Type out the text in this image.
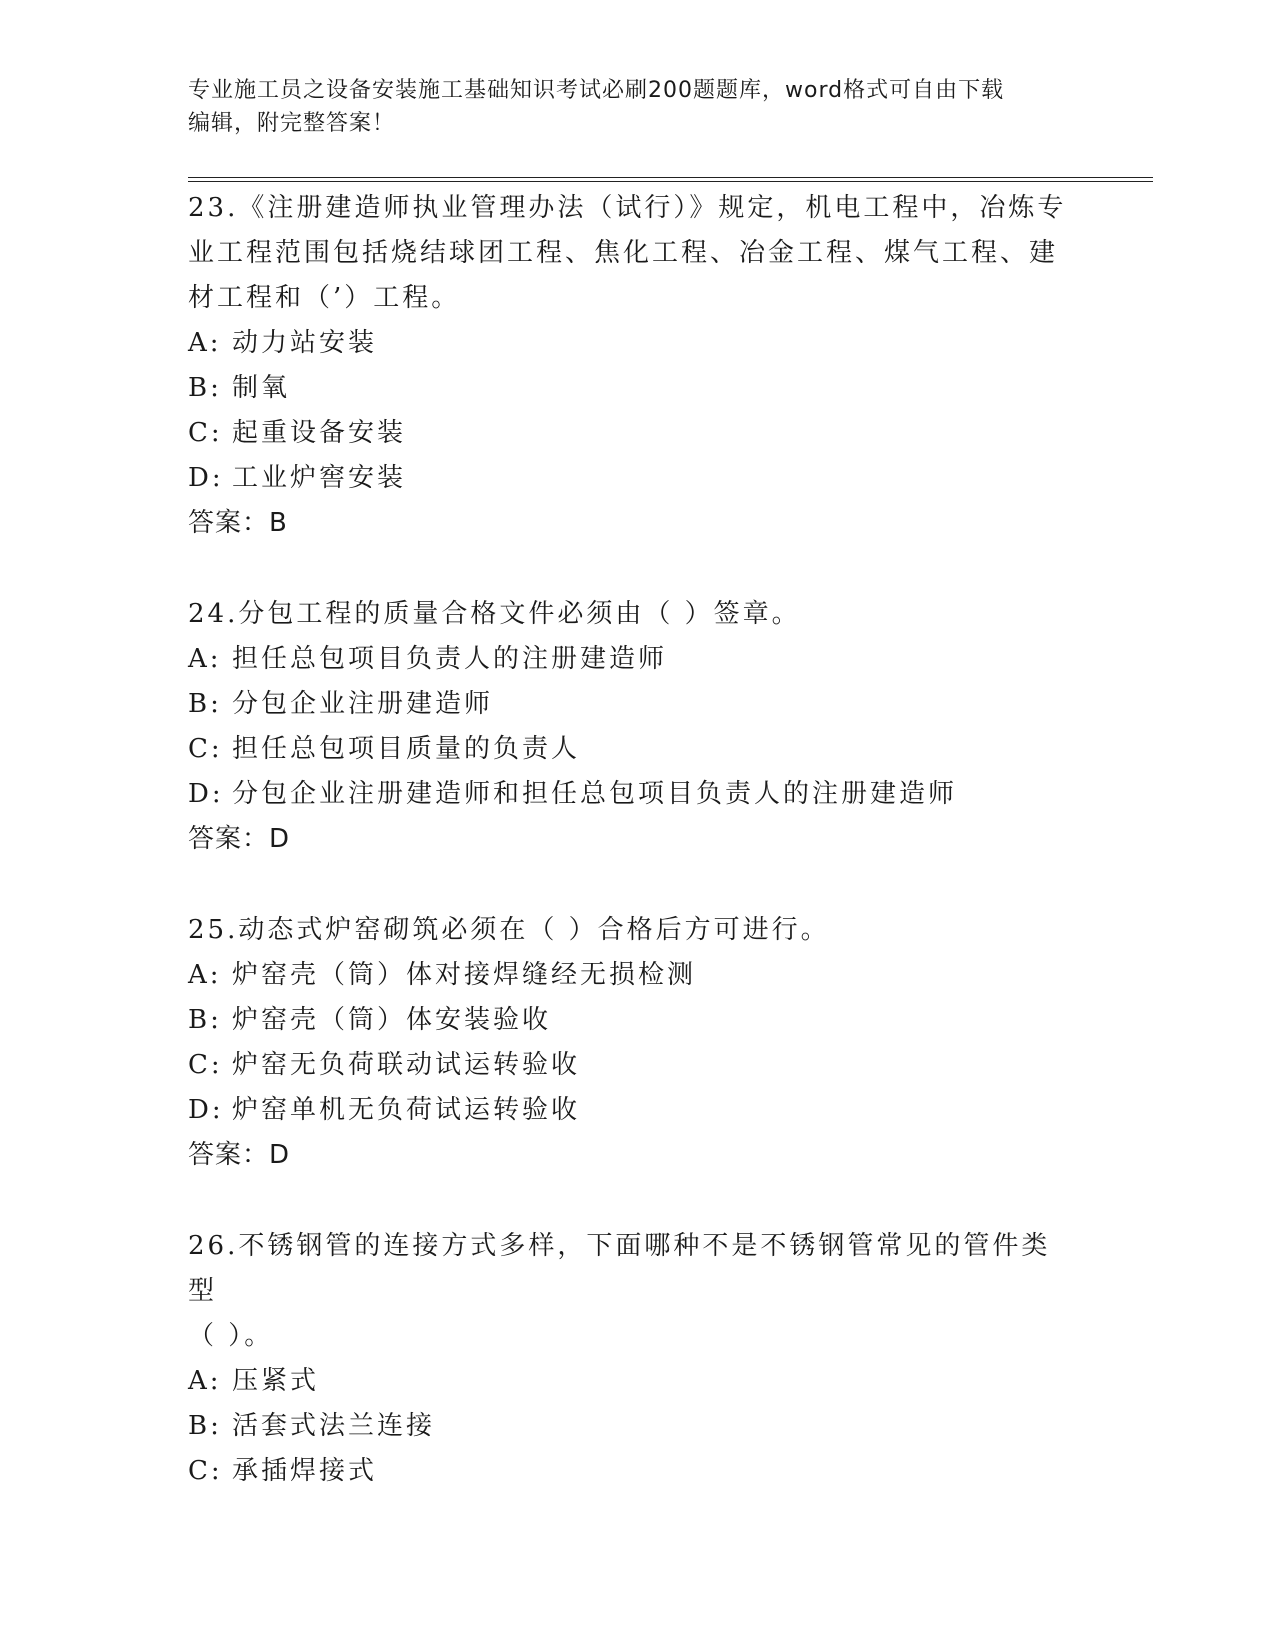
专业施工员之设备安装施工基础知识考试必刷200题题库，word格式可自由下载
编辑，附完整答案！

23.《注册建造师执业管理办法（试行）》规定，机电工程中，冶炼专

业工程范围包括烧结球团工程、焦化工程、冶金工程、煤气工程、建

材工程和（’）工程。

A: 动力站安装

B: 制氧

C: 起重设备安装

D: 工业炉窖安装

答案：B

24.分包工程的质量合格文件必须由（ ）签章。

A: 担任总包项目负责人的注册建造师

B: 分包企业注册建造师

C: 担任总包项目质量的负责人

D: 分包企业注册建造师和担任总包项目负责人的注册建造师

答案：D

25.动态式炉窑砌筑必须在（ ）合格后方可进行。

A: 炉窑壳（筒）体对接焊缝经无损检测

B: 炉窑壳（筒）体安装验收

C: 炉窑无负荷联动试运转验收

D: 炉窑单机无负荷试运转验收

答案：D

26.不锈钢管的连接方式多样，下面哪种不是不锈钢管常见的管件类型

（ ）。

A: 压紧式

B: 活套式法兰连接

C: 承插焊接式
